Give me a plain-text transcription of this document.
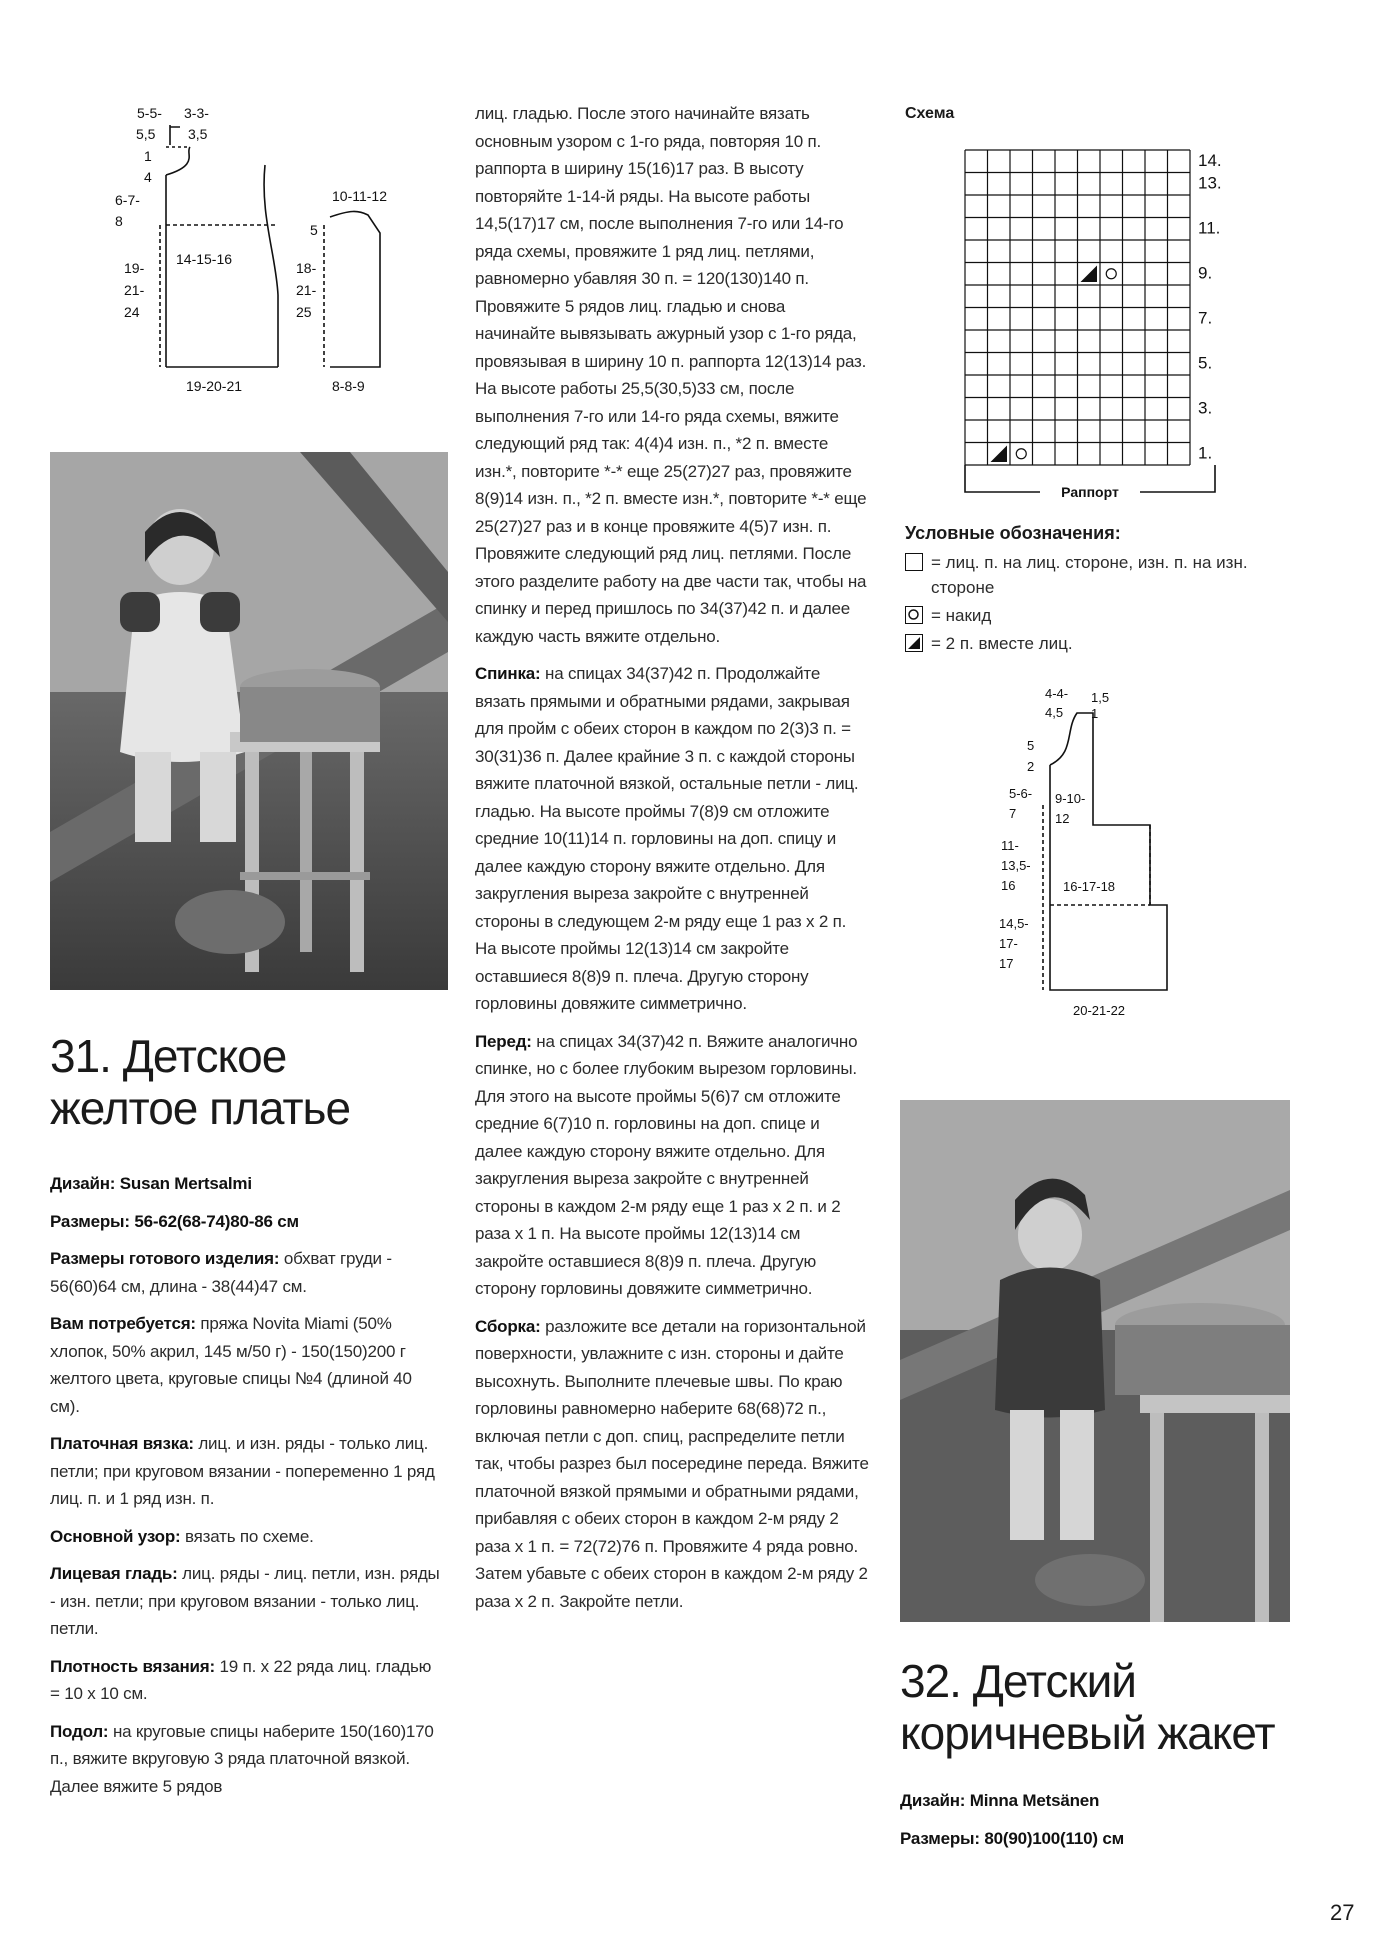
5-5- 3-3-
5,5 3,5
1
4
6-7-
8
14-15-16
19-
21-
24
19-20-21
10-11-12
5
18-
21-
25
8-8-9
31. Детское
желтое платье

Дизайн: Susan Mertsalmi

Размеры: 56-62(68-74)80-86 см

Размеры готового изделия: обхват груди - 56(60)64 см, длина - 38(44)47 см.

Вам потребуется: пряжа Novita Miami (50% хлопок, 50% акрил, 145 м/50 г) - 150(150)200 г желтого цвета, круговые спицы №4 (длиной 40 см).

Платочная вязка: лиц. и изн. ряды - только лиц. петли; при круговом вязании - попеременно 1 ряд лиц. п. и 1 ряд изн. п.

Основной узор: вязать по схеме.

Лицевая гладь: лиц. ряды - лиц. петли, изн. ряды - изн. петли; при круговом вязании - только лиц. петли.

Плотность вязания: 19 п. x 22 ряда лиц. гладью = 10 x 10 см.

Подол: на круговые спицы наберите 150(160)170 п., вяжите вкруговую 3 ряда платочной вязкой. Далее вяжите 5 рядов

лиц. гладью. После этого начинайте вязать основным узором с 1-го ряда, повторяя 10 п. раппорта в ширину 15(16)17 раз. В высоту повторяйте 1-14-й ряды. На высоте работы 14,5(17)17 см, после выполнения 7-го или 14-го ряда схемы, провяжите 1 ряд лиц. петлями, равномерно убавляя 30 п. = 120(130)140 п. Провяжите 5 рядов лиц. гладью и снова начинайте вывязывать ажурный узор с 1-го ряда, провязывая в ширину 10 п. раппорта 12(13)14 раз. На высоте работы 25,5(30,5)33 см, после выполнения 7-го или 14-го ряда схемы, вяжите следующий ряд так: 4(4)4 изн. п., *2 п. вместе изн.*, повторите *-* еще 25(27)27 раз, провяжите 8(9)14 изн. п., *2 п. вместе изн.*, повторите *-* еще 25(27)27 раз и в конце провяжите 4(5)7 изн. п. Провяжите следующий ряд лиц. петлями. После этого разделите работу на две части так, чтобы на спинку и перед пришлось по 34(37)42 п. и далее каждую часть вяжите отдельно.

Спинка: на спицах 34(37)42 п. Продолжайте вязать прямыми и обратными рядами, закрывая для пройм с обеих сторон в каждом по 2(3)3 п. = 30(31)36 п. Далее крайние 3 п. с каждой стороны вяжите платочной вязкой, остальные петли - лиц. гладью. На высоте проймы 7(8)9 см отложите средние 10(11)14 п. горловины на доп. спицу и далее каждую сторону вяжите отдельно. Для закругления выреза закройте с внутренней стороны в следующем 2-м ряду еще 1 раз x 2 п. На высоте проймы 12(13)14 см закройте оставшиеся 8(8)9 п. плеча. Другую сторону горловины довяжите симметрично.

Перед: на спицах 34(37)42 п. Вяжите аналогично спинке, но с более глубоким вырезом горловины. Для этого на высоте проймы 5(6)7 см отложите средние 6(7)10 п. горловины на доп. спице и далее каждую сторону вяжите отдельно. Для закругления выреза закройте с внутренней стороны в каждом 2-м ряду еще 1 раз x 2 п. и 2 раза x 1 п. На высоте проймы 12(13)14 см закройте оставшиеся 8(8)9 п. плеча. Другую сторону горловины довяжите симметрично.

Сборка: разложите все детали на горизонтальной поверхности, увлажните с изн. стороны и дайте высохнуть. Выполните плечевые швы. По краю горловины равномерно наберите 68(68)72 п., включая петли с доп. спиц, распределите петли так, чтобы разрез был посередине переда. Вяжите платочной вязкой прямыми и обратными рядами, прибавляя с обеих сторон в каждом 2-м ряду 2 раза x 1 п. = 72(72)76 п. Провяжите 4 ряда ровно. Затем убавьте с обеих сторон в каждом 2-м ряду 2 раза x 2 п. Закройте петли.

Схема
14.
13.
11.
9.
7.
5.
3.
1.
Раппорт
Условные обозначения:
= лиц. п. на лиц. стороне, изн. п. на изн. стороне
= накид
= 2 п. вместе лиц.
4-4- 1,5
4,5 1
5
2
5-6-
7
9-10-
12
11-
13,5-
16	16-17-18
14,5-
17-
17
20-21-22
32. Детский
коричневый жакет

Дизайн: Minna Metsänen

Размеры: 80(90)100(110) см

27
